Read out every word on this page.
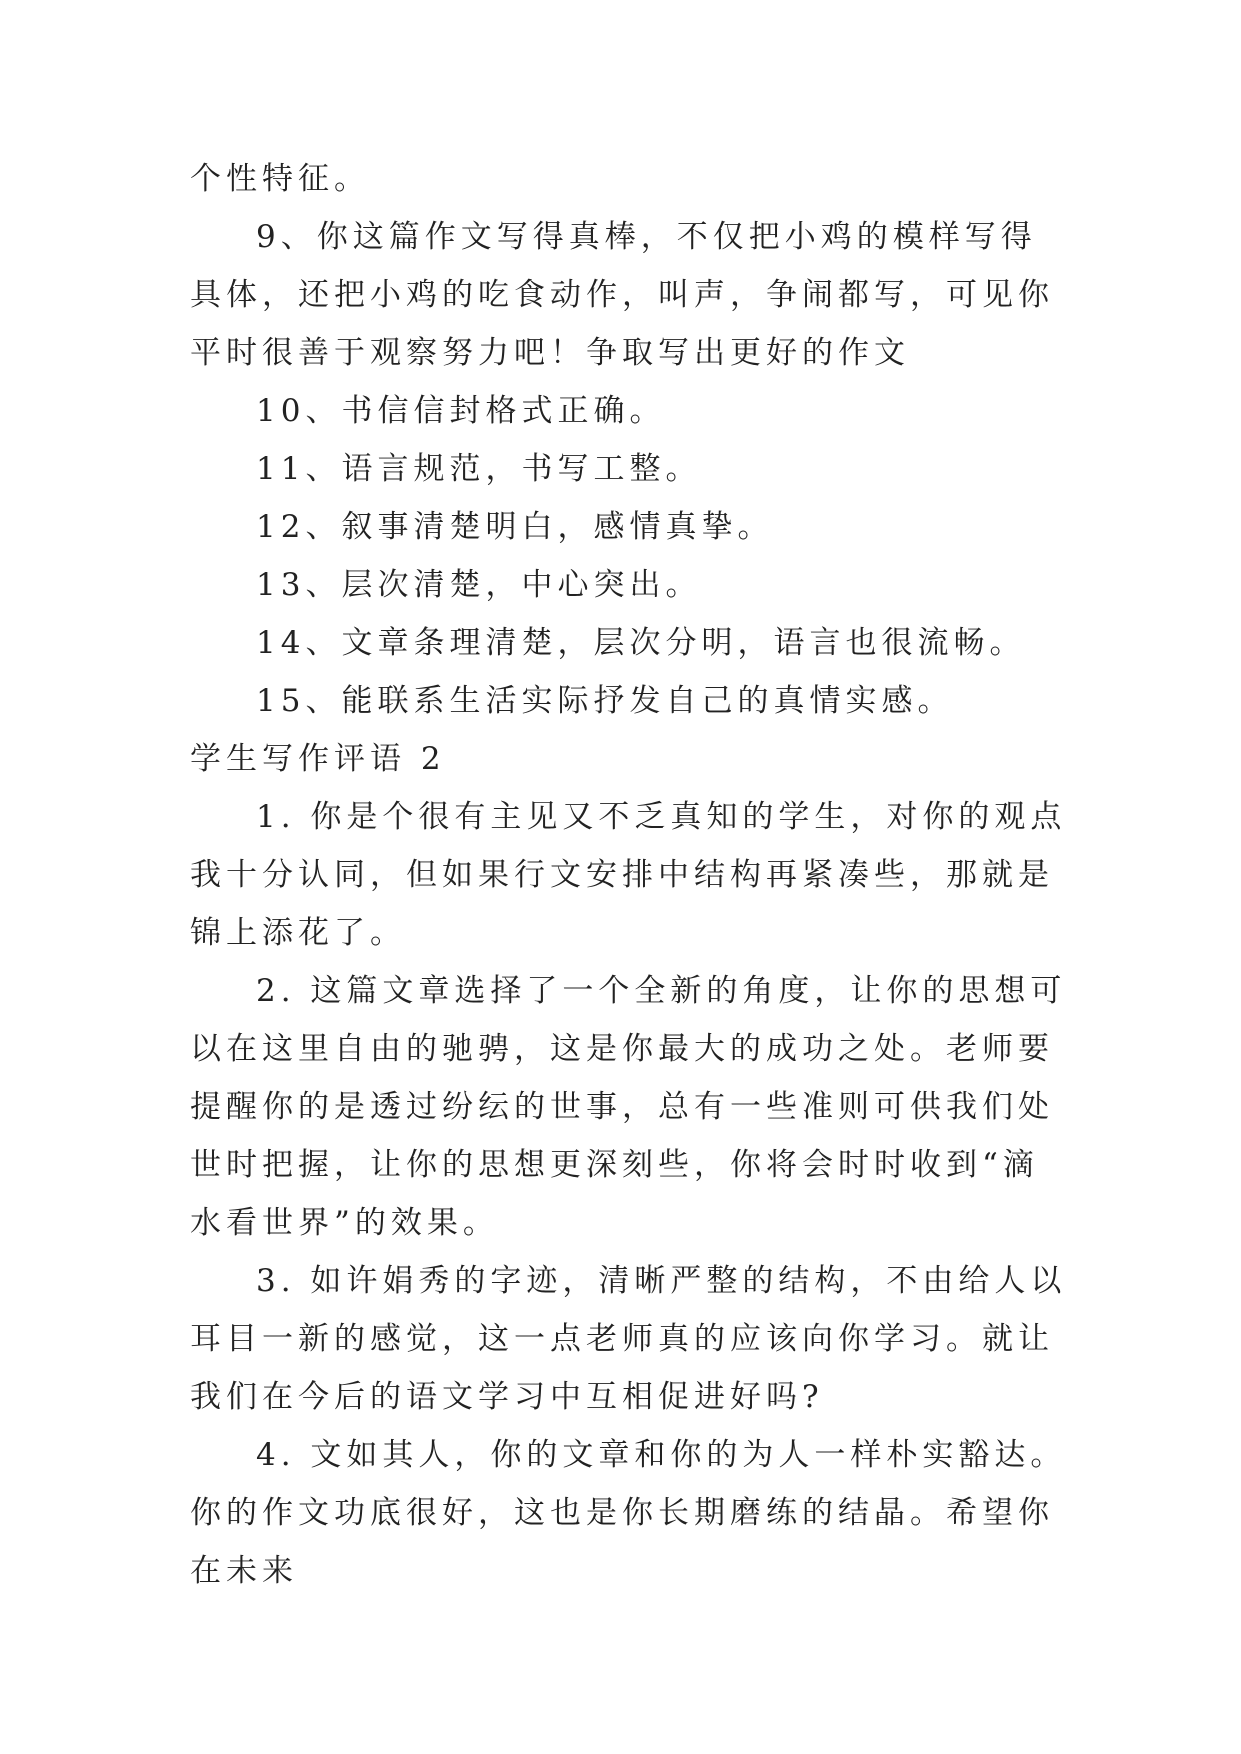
个性特征。

9、你这篇作文写得真棒，不仅把小鸡的模样写得具体，还把小鸡的吃食动作，叫声，争闹都写，可见你平时很善于观察努力吧！争取写出更好的作文

10、书信信封格式正确。

11、语言规范，书写工整。

12、叙事清楚明白，感情真挚。

13、层次清楚，中心突出。

14、文章条理清楚，层次分明，语言也很流畅。

15、能联系生活实际抒发自己的真情实感。

学生写作评语 2

1. 你是个很有主见又不乏真知的学生，对你的观点我十分认同，但如果行文安排中结构再紧凑些，那就是锦上添花了。

2. 这篇文章选择了一个全新的角度，让你的思想可以在这里自由的驰骋，这是你最大的成功之处。老师要提醒你的是透过纷纭的世事，总有一些准则可供我们处世时把握，让你的思想更深刻些，你将会时时收到“滴水看世界”的效果。

3. 如许娟秀的字迹，清晰严整的结构，不由给人以耳目一新的感觉，这一点老师真的应该向你学习。就让我们在今后的语文学习中互相促进好吗?

4. 文如其人，你的文章和你的为人一样朴实豁达。你的作文功底很好，这也是你长期磨练的结晶。希望你在未来
